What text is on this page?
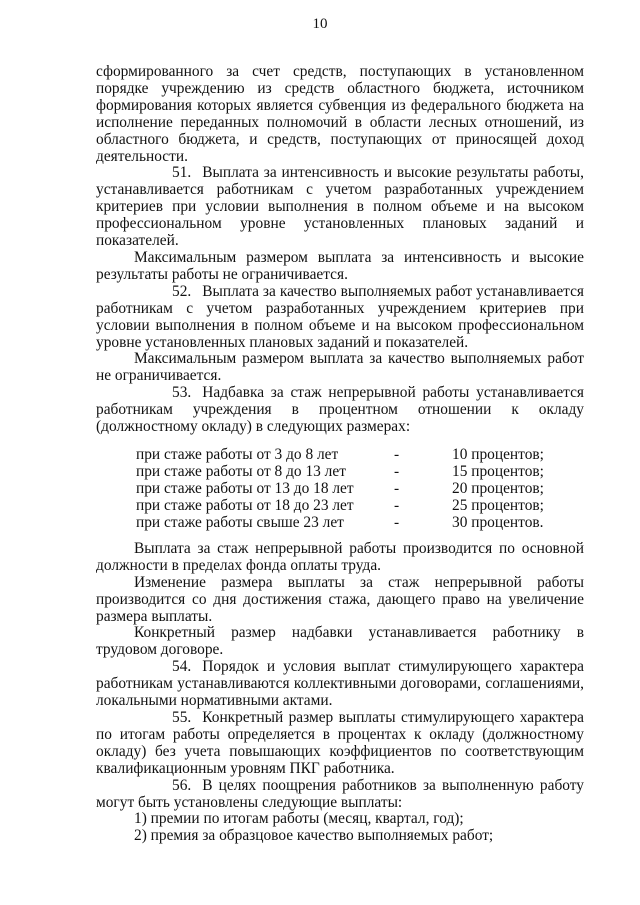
10

сформированного за счет средств, поступающих в установленном порядке учреждению из средств областного бюджета, источником формирования которых является субвенция из федерального бюджета на исполнение переданных полномочий в области лесных отношений, из областного бюджета, и средств, поступающих от приносящей доход деятельности.

51. Выплата за интенсивность и высокие результаты работы, устанавливается работникам с учетом разработанных учреждением критериев при условии выполнения в полном объеме и на высоком профессиональном уровне установленных плановых заданий и показателей.

Максимальным размером выплата за интенсивность и высокие результаты работы не ограничивается.

52. Выплата за качество выполняемых работ устанавливается работникам с учетом разработанных учреждением критериев при условии выполнения в полном объеме и на высоком профессиональном уровне установленных плановых заданий и показателей.

Максимальным размером выплата за качество выполняемых работ не ограничивается.

53. Надбавка за стаж непрерывной работы устанавливается работникам учреждения в процентном отношении к окладу (должностному окладу) в следующих размерах:

при стаже работы от 3 до 8 лет	-	10 процентов;
при стаже работы от 8 до 13 лет	-	15 процентов;
при стаже работы от 13 до 18 лет	-	20 процентов;
при стаже работы от 18 до 23 лет	-	25 процентов;
при стаже работы свыше 23 лет	-	30 процентов.

Выплата за стаж непрерывной работы производится по основной должности в пределах фонда оплаты труда.

Изменение размера выплаты за стаж непрерывной работы производится со дня достижения стажа, дающего право на увеличение размера выплаты.

Конкретный размер надбавки устанавливается работнику в трудовом договоре.

54. Порядок и условия выплат стимулирующего характера работникам устанавливаются коллективными договорами, соглашениями, локальными нормативными актами.

55. Конкретный размер выплаты стимулирующего характера по итогам работы определяется в процентах к окладу (должностному окладу) без учета повышающих коэффициентов по соответствующим квалификационным уровням ПКГ работника.

56. В целях поощрения работников за выполненную работу могут быть установлены следующие выплаты:

1) премии по итогам работы (месяц, квартал, год);

2) премия за образцовое качество выполняемых работ;
